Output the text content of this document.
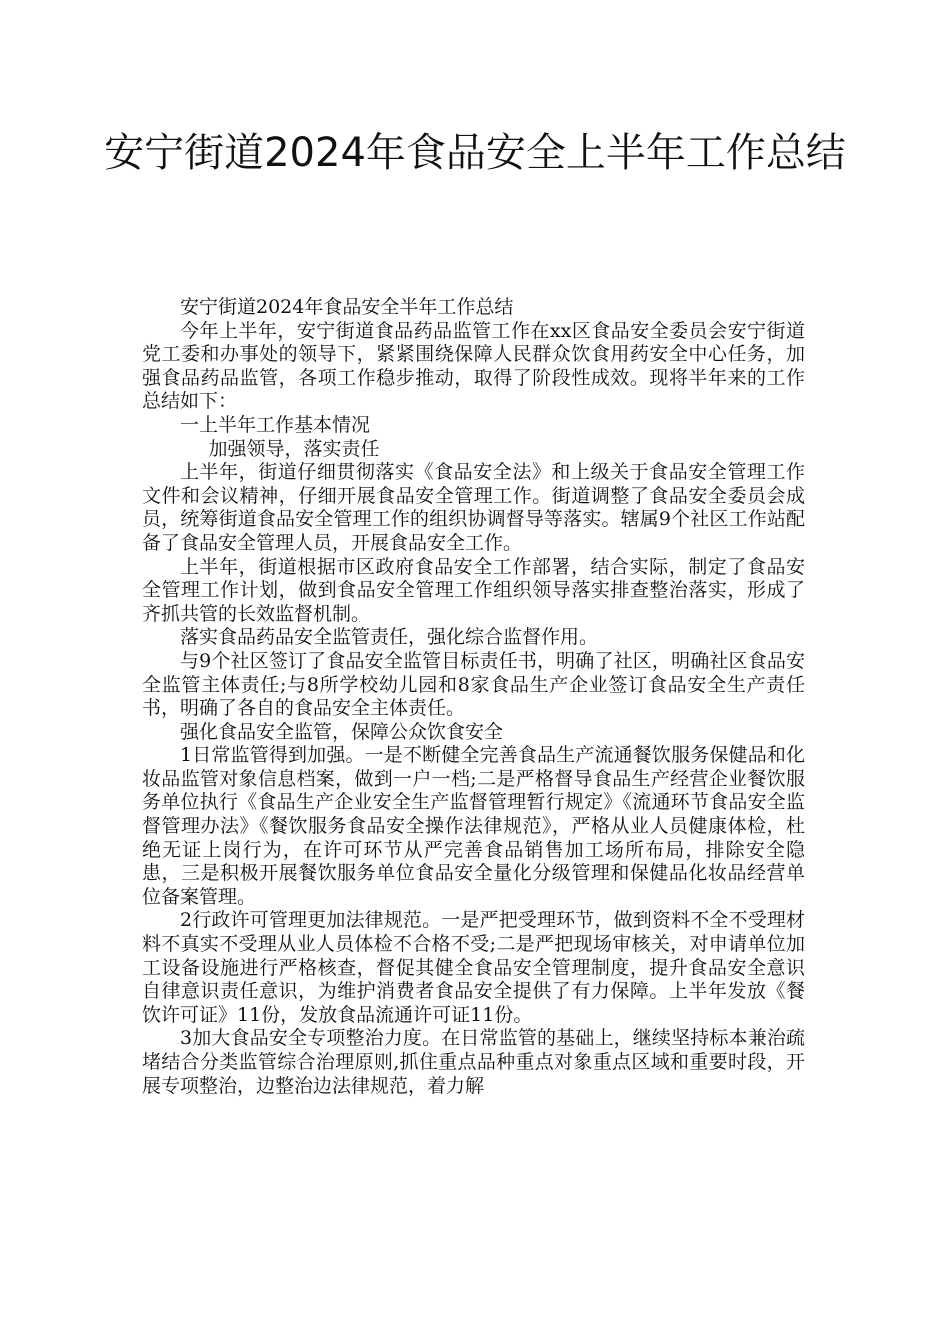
安宁街道2024年食品安全上半年工作总结

安宁街道2024年食品安全半年工作总结

今年上半年，安宁街道食品药品监管工作在xx区食品安全委员会安宁街道党工委和办事处的领导下，紧紧围绕保障人民群众饮食用药安全中心任务，加强食品药品监管，各项工作稳步推动，取得了阶段性成效。现将半年来的工作总结如下：

一上半年工作基本情况

加强领导，落实责任

上半年，街道仔细贯彻落实《食品安全法》和上级关于食品安全管理工作文件和会议精神，仔细开展食品安全管理工作。街道调整了食品安全委员会成员，统筹街道食品安全管理工作的组织协调督导等落实。辖属9个社区工作站配备了食品安全管理人员，开展食品安全工作。

上半年，街道根据市区政府食品安全工作部署，结合实际，制定了食品安全管理工作计划，做到食品安全管理工作组织领导落实排查整治落实，形成了齐抓共管的长效监督机制。

落实食品药品安全监管责任，强化综合监督作用。

与9个社区签订了食品安全监管目标责任书，明确了社区，明确社区食品安全监管主体责任;与8所学校幼儿园和8家食品生产企业签订食品安全生产责任书，明确了各自的食品安全主体责任。

强化食品安全监管，保障公众饮食安全

1日常监管得到加强。一是不断健全完善食品生产流通餐饮服务保健品和化妆品监管对象信息档案，做到一户一档;二是严格督导食品生产经营企业餐饮服务单位执行《食品生产企业安全生产监督管理暂行规定》《流通环节食品安全监督管理办法》《餐饮服务食品安全操作法律规范》，严格从业人员健康体检，杜绝无证上岗行为，在许可环节从严完善食品销售加工场所布局，排除安全隐患，三是积极开展餐饮服务单位食品安全量化分级管理和保健品化妆品经营单位备案管理。

2行政许可管理更加法律规范。一是严把受理环节，做到资料不全不受理材料不真实不受理从业人员体检不合格不受;二是严把现场审核关，对申请单位加工设备设施进行严格核查，督促其健全食品安全管理制度，提升食品安全意识自律意识责任意识，为维护消费者食品安全提供了有力保障。上半年发放《餐饮许可证》11份，发放食品流通许可证11份。

3加大食品安全专项整治力度。在日常监管的基础上，继续坚持标本兼治疏堵结合分类监管综合治理原则,抓住重点品种重点对象重点区域和重要时段，开展专项整治，边整治边法律规范，着力解
